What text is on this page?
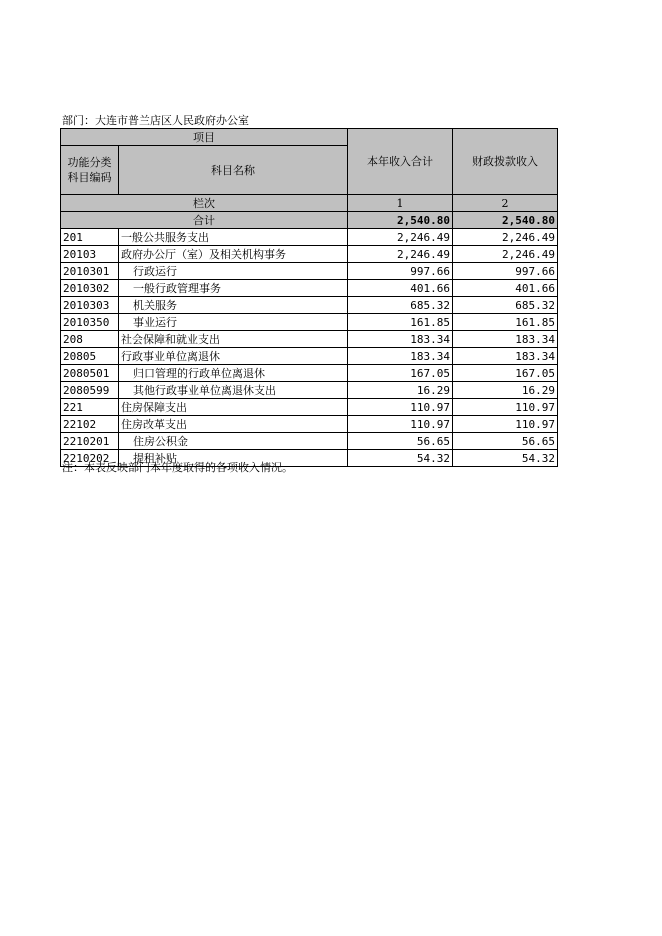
部门：大连市普兰店区人民政府办公室
项目		本年收入合计	财政拨款收入
功能分类
科目编码	科目名称		

栏次		1	2
合计		2,540.80	2,540.80
201	一般公共服务支出	2,246.49	2,246.49
20103	政府办公厅（室）及相关机构事务	2,246.49	2,246.49
2010301	行政运行	997.66	997.66
2010302	一般行政管理事务	401.66	401.66
2010303	机关服务	685.32	685.32
2010350	事业运行	161.85	161.85
208	社会保障和就业支出	183.34	183.34
20805	行政事业单位离退休	183.34	183.34
2080501	归口管理的行政单位离退休	167.05	167.05
2080599	其他行政事业单位离退休支出	16.29	16.29
221	住房保障支出	110.97	110.97
22102	住房改革支出	110.97	110.97
2210201	住房公积金	56.65	56.65
2210202	提租补贴	54.32	54.32
注：本表反映部门本年度取得的各项收入情况。
